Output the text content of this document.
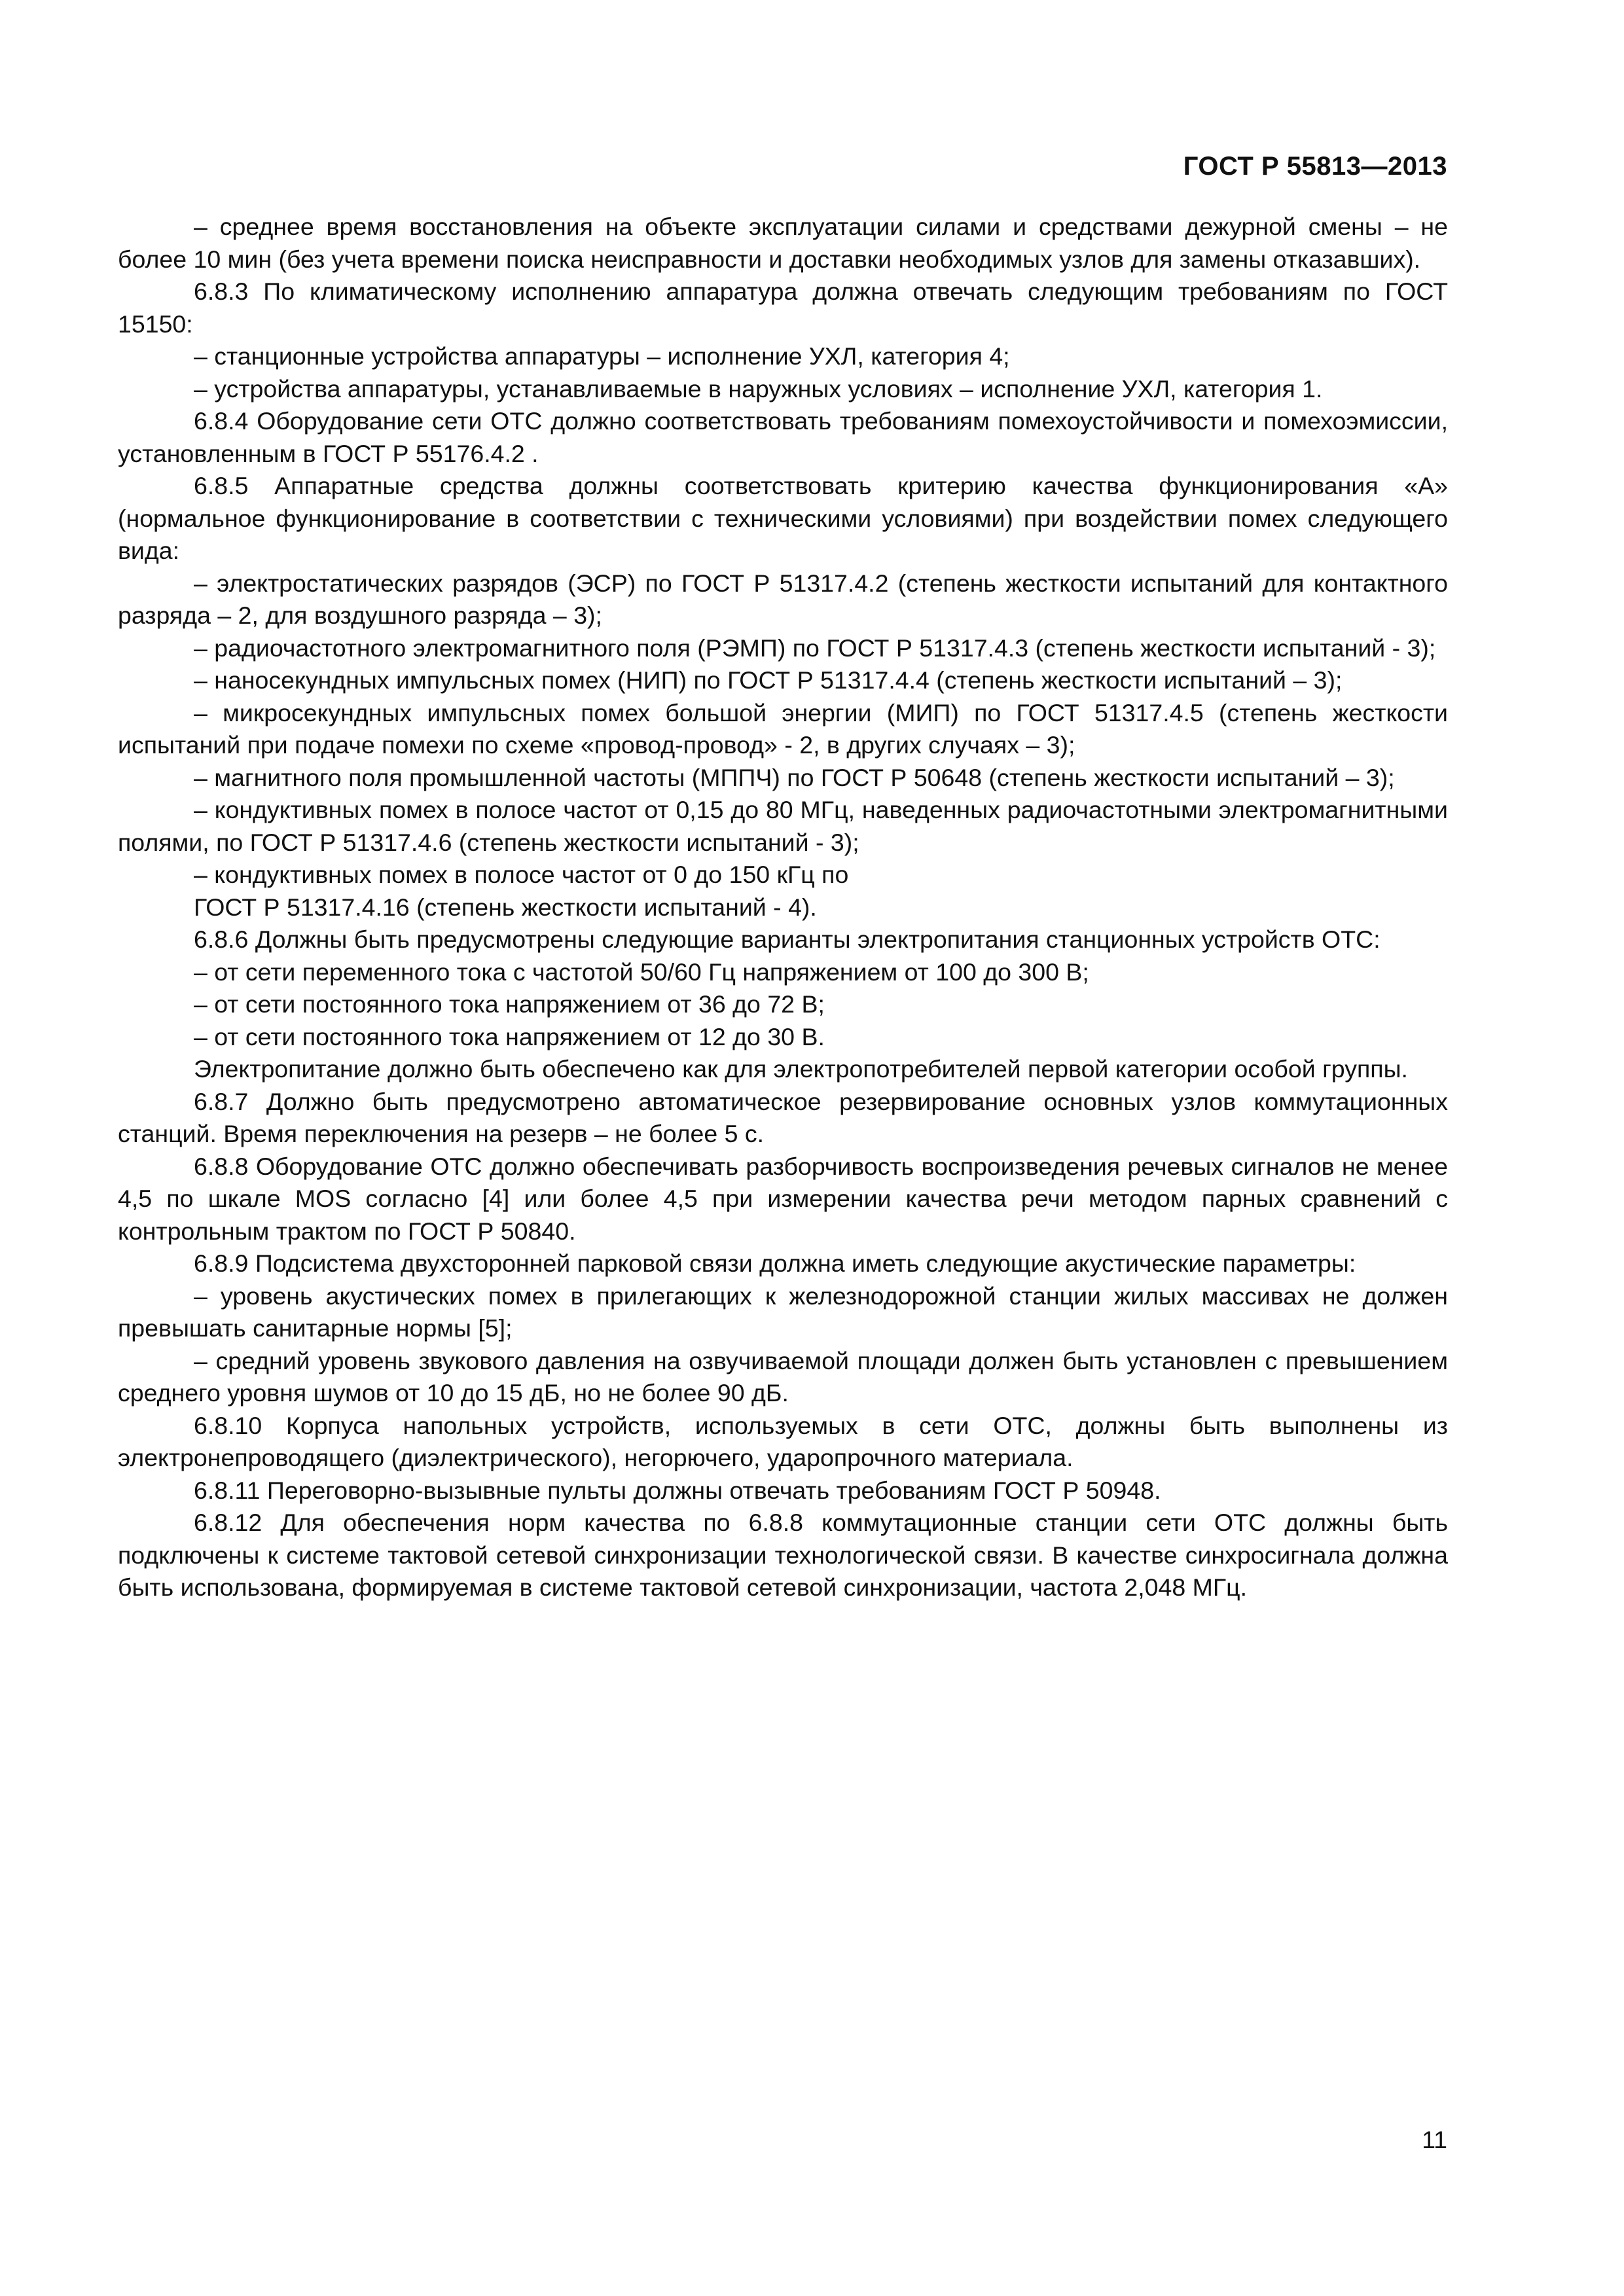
ГОСТ Р 55813—2013

– среднее время восстановления на объекте эксплуатации силами и средствами дежурной смены – не более 10 мин (без учета времени поиска неисправности и доставки необходимых узлов для замены отказавших).

6.8.3 По климатическому исполнению аппаратура должна отвечать следующим требованиям по ГОСТ 15150:

– станционные устройства аппаратуры – исполнение УХЛ, категория 4;

– устройства аппаратуры, устанавливаемые в наружных условиях – исполнение УХЛ, категория 1.

6.8.4 Оборудование сети ОТС должно соответствовать требованиям помехоустойчивости и помехоэмиссии, установленным в ГОСТ Р 55176.4.2 .

6.8.5 Аппаратные средства должны соответствовать критерию качества функционирования «А» (нормальное функционирование в соответствии с техническими условиями) при воздействии помех следующего вида:

– электростатических разрядов (ЭСР) по ГОСТ Р 51317.4.2 (степень жесткости испытаний для контактного разряда – 2, для воздушного разряда – 3);

– радиочастотного электромагнитного поля (РЭМП) по ГОСТ Р 51317.4.3 (степень жесткости испытаний - 3);

– наносекундных импульсных помех (НИП) по ГОСТ Р 51317.4.4 (степень жесткости испытаний – 3);

– микросекундных импульсных помех большой энергии (МИП) по ГОСТ 51317.4.5 (степень жесткости испытаний при подаче помехи по схеме «провод-провод» - 2, в других случаях – 3);

– магнитного поля промышленной частоты (МППЧ) по ГОСТ Р 50648 (степень жесткости испытаний – 3);

– кондуктивных помех в полосе частот от 0,15 до 80 МГц, наведенных радиочастотными электромагнитными полями, по ГОСТ Р 51317.4.6 (степень жесткости испытаний - 3);

– кондуктивных помех в полосе частот от 0 до 150 кГц по

ГОСТ Р 51317.4.16 (степень жесткости испытаний - 4).

6.8.6 Должны быть предусмотрены следующие варианты электропитания станционных устройств ОТС:

– от сети переменного тока с частотой 50/60 Гц напряжением от 100 до 300 В;

– от сети постоянного тока напряжением от 36 до 72 В;

– от сети постоянного тока напряжением от 12 до 30 В.

Электропитание должно быть обеспечено как для электропотребителей первой категории особой группы.

6.8.7 Должно быть предусмотрено автоматическое резервирование основных узлов коммутационных станций. Время переключения на резерв – не более 5 с.

6.8.8 Оборудование ОТС должно обеспечивать разборчивость воспроизведения речевых сигналов не менее 4,5 по шкале MOS согласно [4] или более 4,5 при измерении качества речи методом парных сравнений с контрольным трактом по ГОСТ Р 50840.

6.8.9 Подсистема двухсторонней парковой связи должна иметь следующие акустические параметры:

– уровень акустических помех в прилегающих к железнодорожной станции жилых массивах не должен превышать санитарные нормы [5];

– средний уровень звукового давления на озвучиваемой площади должен быть установлен с превышением среднего уровня шумов от 10 до 15 дБ, но не более 90 дБ.

6.8.10 Корпуса напольных устройств, используемых в сети ОТС, должны быть выполнены из электронепроводящего (диэлектрического), негорючего, ударопрочного материала.

6.8.11 Переговорно-вызывные пульты должны отвечать требованиям ГОСТ Р 50948.

6.8.12 Для обеспечения норм качества по 6.8.8 коммутационные станции сети ОТС должны быть подключены к системе тактовой сетевой синхронизации технологической связи. В качестве синхросигнала должна быть использована, формируемая в системе тактовой сетевой синхронизации, частота 2,048 МГц.

11
